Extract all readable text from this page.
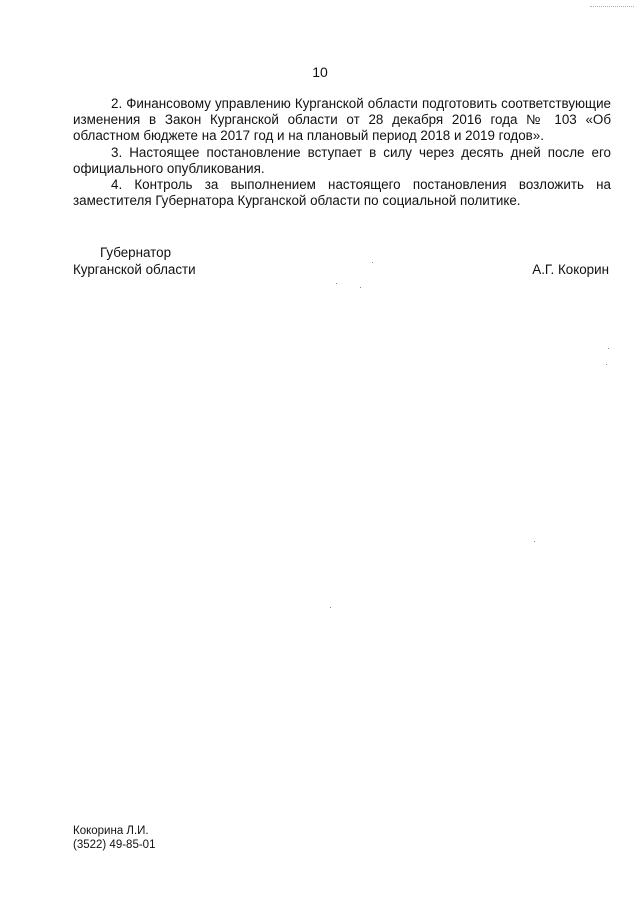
10

2. Финансовому управлению Курганской области подготовить соответствующие изменения в Закон Курганской области от 28 декабря 2016 года № 103 «Об областном бюджете на 2017 год и на плановый период 2018 и 2019 годов».

3. Настоящее постановление вступает в силу через десять дней после его официального опубликования.

4. Контроль за выполнением настоящего постановления возложить на заместителя Губернатора Курганской области по социальной политике.

Губернатор
Курганской области	А.Г. Кокорин
Кокорина Л.И.
(3522) 49-85-01
